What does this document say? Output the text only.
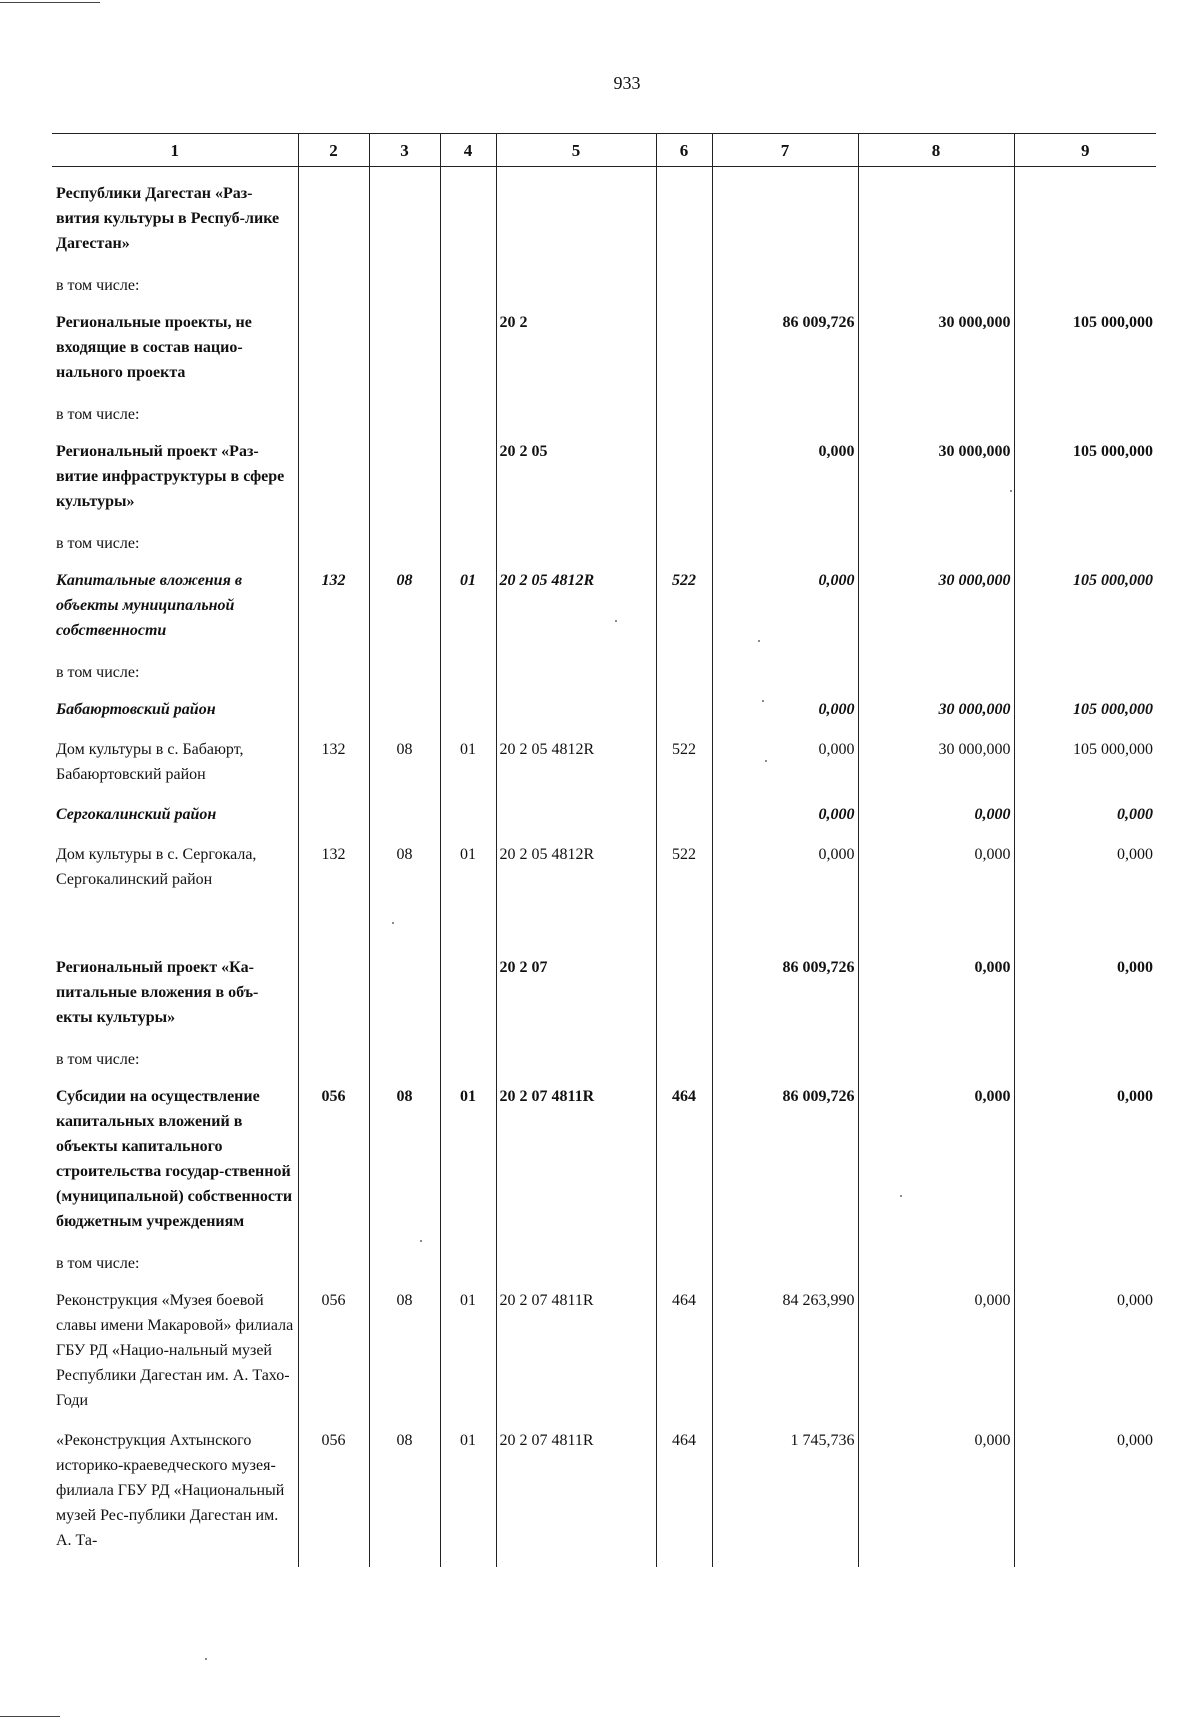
933
1	2	3	4	5	6	7	8	9
Республики Дагестан «Раз-вития культуры в Респуб-лике Дагестан»								
в том числе:								
Региональные проекты, не входящие в состав нацио-нального проекта				20 2		86 009,726	30 000,000	105 000,000
в том числе:								
Региональный проект «Раз-витие инфраструктуры в сфере культуры»				20 2 05		0,000	30 000,000	105 000,000
в том числе:								
Капитальные вложения в объекты муниципальной собственности	132	08	01	20 2 05 4812R	522	0,000	30 000,000	105 000,000
в том числе:								
Бабаюртовский район						0,000	30 000,000	105 000,000
Дом культуры в с. Бабаюрт, Бабаюртовский район	132	08	01	20 2 05 4812R	522	0,000	30 000,000	105 000,000
Сергокалинский район						0,000	0,000	0,000
Дом культуры в с. Сергокала, Сергокалинский район	132	08	01	20 2 05 4812R	522	0,000	0,000	0,000

Региональный проект «Ка-питальные вложения в объ-екты культуры»				20 2 07		86 009,726	0,000	0,000
в том числе:								
Субсидии на осуществление капитальных вложений в объекты капитального строительства государ-ственной (муниципальной) собственности бюджетным учреждениям	056	08	01	20 2 07 4811R	464	86 009,726	0,000	0,000
в том числе:								
Реконструкция «Музея боевой славы имени Макаровой» филиала ГБУ РД «Нацио-нальный музей Республики Дагестан им. А. Тахо-Годи	056	08	01	20 2 07 4811R	464	84 263,990	0,000	0,000
«Реконструкция Ахтынского историко-краеведческого музея-филиала ГБУ РД «Национальный музей Рес-публики Дагестан им. А. Та-	056	08	01	20 2 07 4811R	464	1 745,736	0,000	0,000
